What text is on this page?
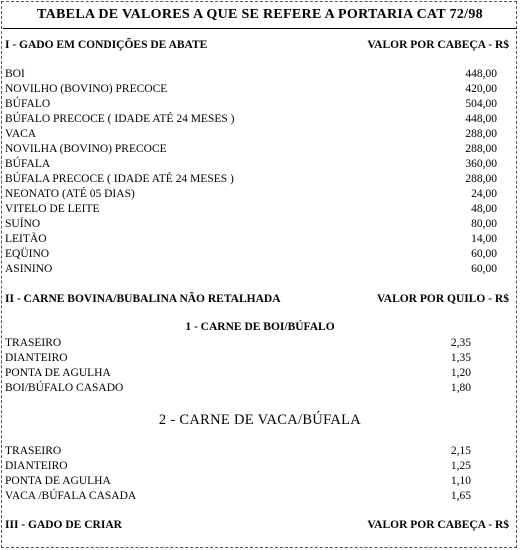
TABELA DE VALORES A QUE SE REFERE A PORTARIA CAT 72/98
I - GADO EM CONDIÇÕES DE ABATE	VALOR POR CABEÇA - R$
BOI	448,00
NOVILHO (BOVINO) PRECOCE	420,00
BÚFALO	504,00
BÚFALO PRECOCE ( IDADE ATÉ 24 MESES )	448,00
VACA	288,00
NOVILHA (BOVINO) PRECOCE	288,00
BÚFALA	360,00
BÚFALA PRECOCE ( IDADE ATÉ 24 MESES )	288,00
NEONATO (ATÉ 05 DIAS)	24,00
VITELO DE LEITE	48,00
SUÍNO	80,00
LEITÃO	14,00
EQÜINO	60,00
ASININO	60,00
II - CARNE BOVINA/BUBALINA NÃO RETALHADA	VALOR POR QUILO - R$
1 - CARNE DE BOI/BÚFALO
TRASEIRO	2,35
DIANTEIRO	1,35
PONTA DE AGULHA	1,20
BOI/BÚFALO CASADO	1,80
2 - CARNE DE VACA/BÚFALA
TRASEIRO	2,15
DIANTEIRO	1,25
PONTA DE AGULHA	1,10
VACA /BÚFALA CASADA	1,65
III - GADO DE CRIAR	VALOR POR CABEÇA - R$
